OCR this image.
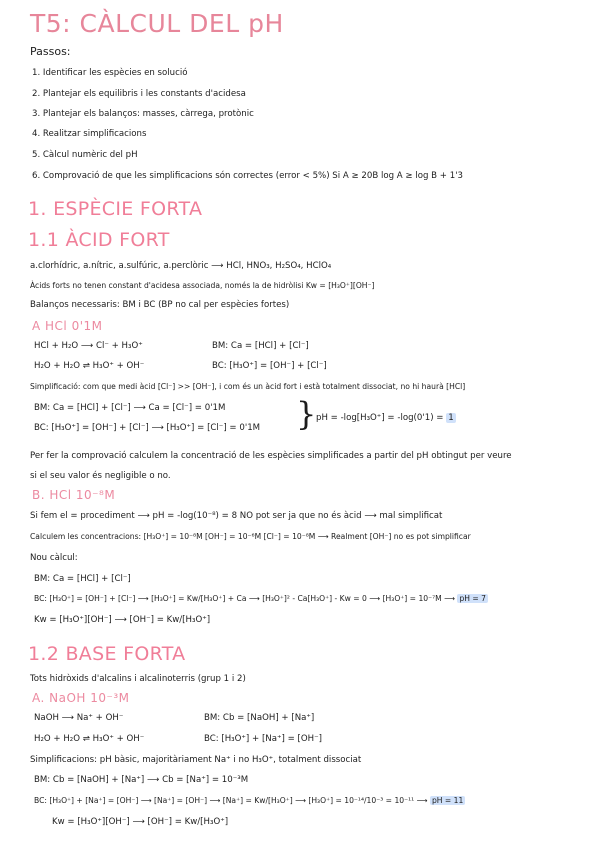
T5: CÀLCUL DEL pH
Passos:
1. Identificar les espècies en solució
2. Plantejar els equilibris i les constants d'acidesa
3. Plantejar els balanços: masses, càrrega, protònic
4. Realitzar simplificacions
5. Càlcul numèric del pH
6. Comprovació de que les simplificacions són correctes (error < 5%) Si A ≥ 20B log A ≥ log B + 1'3
1. ESPÈCIE FORTA
1.1 ÀCID FORT
a.clorhídric, a.nítric, a.sulfúric, a.perclòric ⟶ HCl, HNO₃, H₂SO₄, HClO₄
Àcids forts no tenen constant d'acidesa associada, només la de hidròlisi Kw = [H₃O⁺][OH⁻]
Balanços necessaris: BM i BC (BP no cal per espècies fortes)
A HCl 0'1M
HCl + H₂O ⟶ Cl⁻ + H₃O⁺	BM: Ca = [HCl] + [Cl⁻]
H₂O + H₂O ⇌ H₃O⁺ + OH⁻	BC: [H₃O⁺] = [OH⁻] + [Cl⁻]
Simplificació: com que medi àcid [Cl⁻] >> [OH⁻], i com és un àcid fort i està totalment dissociat, no hi haurà [HCl]
BM: Ca = [HCl] + [Cl⁻] ⟶ Ca = [Cl⁻] = 0'1M
BC: [H₃O⁺] = [OH⁻] + [Cl⁻] ⟶ [H₃O⁺] = [Cl⁻] = 0'1M } pH = -log[H₃O⁺] = -log(0'1) = 1
Per fer la comprovació calculem la concentració de les espècies simplificades a partir del pH obtingut per veure
si el seu valor és negligible o no.
B. HCl 10⁻⁸M
Si fem el = procediment ⟶ pH = -log(10⁻⁸) = 8 NO pot ser ja que no és àcid ⟶ mal simplificat
Calculem les concentracions: [H₃O⁺] = 10⁻⁸M [OH⁻] = 10⁻⁶M [Cl⁻] = 10⁻⁸M ⟶ Realment [OH⁻] no es pot simplificar
Nou càlcul:
BM: Ca = [HCl] + [Cl⁻]
BC: [H₃O⁺] = [OH⁻] + [Cl⁻] ⟶ [H₃O⁺] = Kw/[H₃O⁺] + Ca ⟶ [H₃O⁺]² - Ca[H₃O⁺] - Kw = 0 ⟶ [H₃O⁺] = 10⁻⁷M ⟶ pH = 7
Kw = [H₃O⁺][OH⁻] ⟶ [OH⁻] = Kw/[H₃O⁺]
1.2 BASE FORTA
Tots hidròxids d'alcalins i alcalinoterris (grup 1 i 2)
A. NaOH 10⁻³M
NaOH ⟶ Na⁺ + OH⁻	BM: Cb = [NaOH] + [Na⁺]
H₂O + H₂O ⇌ H₃O⁺ + OH⁻	BC: [H₃O⁺] + [Na⁺] = [OH⁻]
Simplificacions: pH bàsic, majoritàriament Na⁺ i no H₃O⁺, totalment dissociat
BM: Cb = [NaOH] + [Na⁺] ⟶ Cb = [Na⁺] = 10⁻³M
BC: [H₃O⁺] + [Na⁺] = [OH⁻] ⟶ [Na⁺] = [OH⁻] ⟶ [Na⁺] = Kw/[H₃O⁺] ⟶ [H₃O⁺] = 10⁻¹⁴/10⁻³ = 10⁻¹¹ ⟶ pH = 11
Kw = [H₃O⁺][OH⁻] ⟶ [OH⁻] = Kw/[H₃O⁺]
